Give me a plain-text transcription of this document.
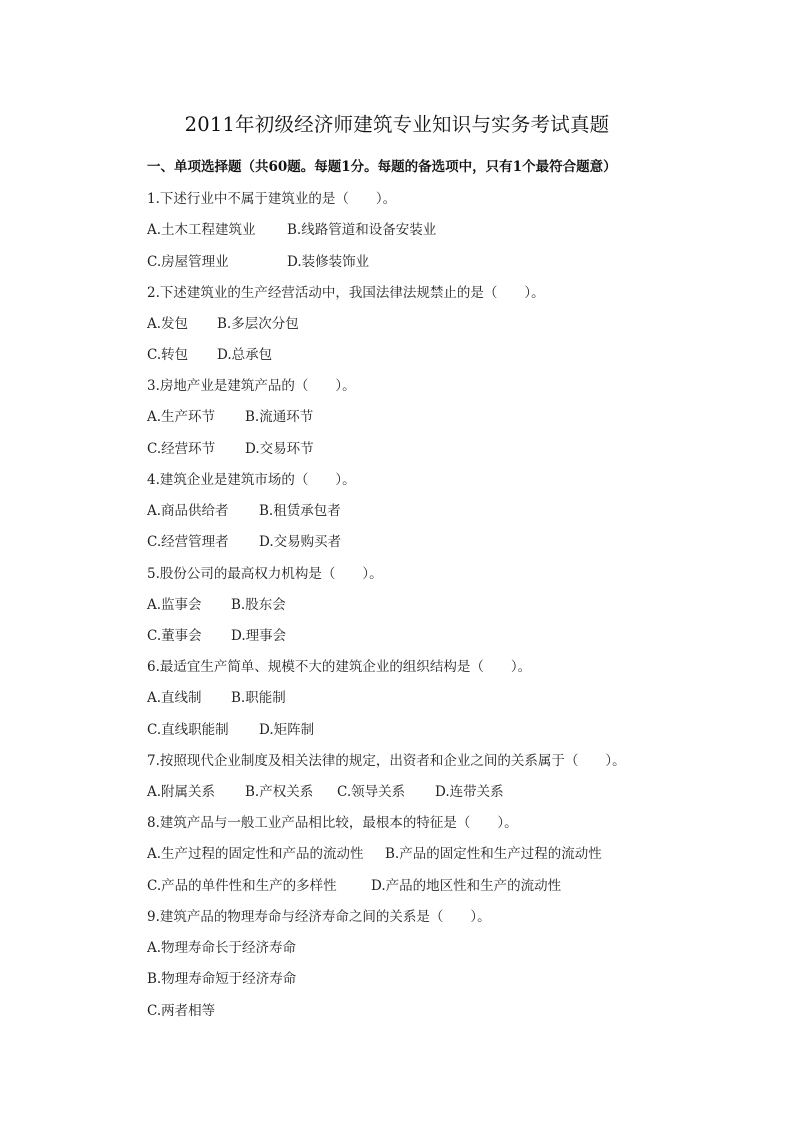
2011年初级经济师建筑专业知识与实务考试真题
一、单项选择题（共60题。每题1分。每题的备选项中，只有1个最符合题意）
1.下述行业中不属于建筑业的是（　　）。
A.土木工程建筑业 B.线路管道和设备安装业
C.房屋管理业	D.装修装饰业
2.下述建筑业的生产经营活动中，我国法律法规禁止的是（　　）。
A.发包 B.多层次分包
C.转包 D.总承包
3.房地产业是建筑产品的（　　）。
A.生产环节 B.流通环节
C.经营环节 D.交易环节
4.建筑企业是建筑市场的（　　）。
A.商品供给者 B.租赁承包者
C.经营管理者 D.交易购买者
5.股份公司的最高权力机构是（　　）。
A.监事会 B.股东会
C.董事会 D.理事会
6.最适宜生产简单、规模不大的建筑企业的组织结构是（　　）。
A.直线制 B.职能制
C.直线职能制 D.矩阵制
7.按照现代企业制度及相关法律的规定，出资者和企业之间的关系属于（　　）。
A.附属关系 B.产权关系 C.领导关系 D.连带关系
8.建筑产品与一般工业产品相比较，最根本的特征是（　　）。
A.生产过程的固定性和产品的流动性 B.产品的固定性和生产过程的流动性
C.产品的单件性和生产的多样性	D.产品的地区性和生产的流动性
9.建筑产品的物理寿命与经济寿命之间的关系是（　　）。
A.物理寿命长于经济寿命
B.物理寿命短于经济寿命
C.两者相等
